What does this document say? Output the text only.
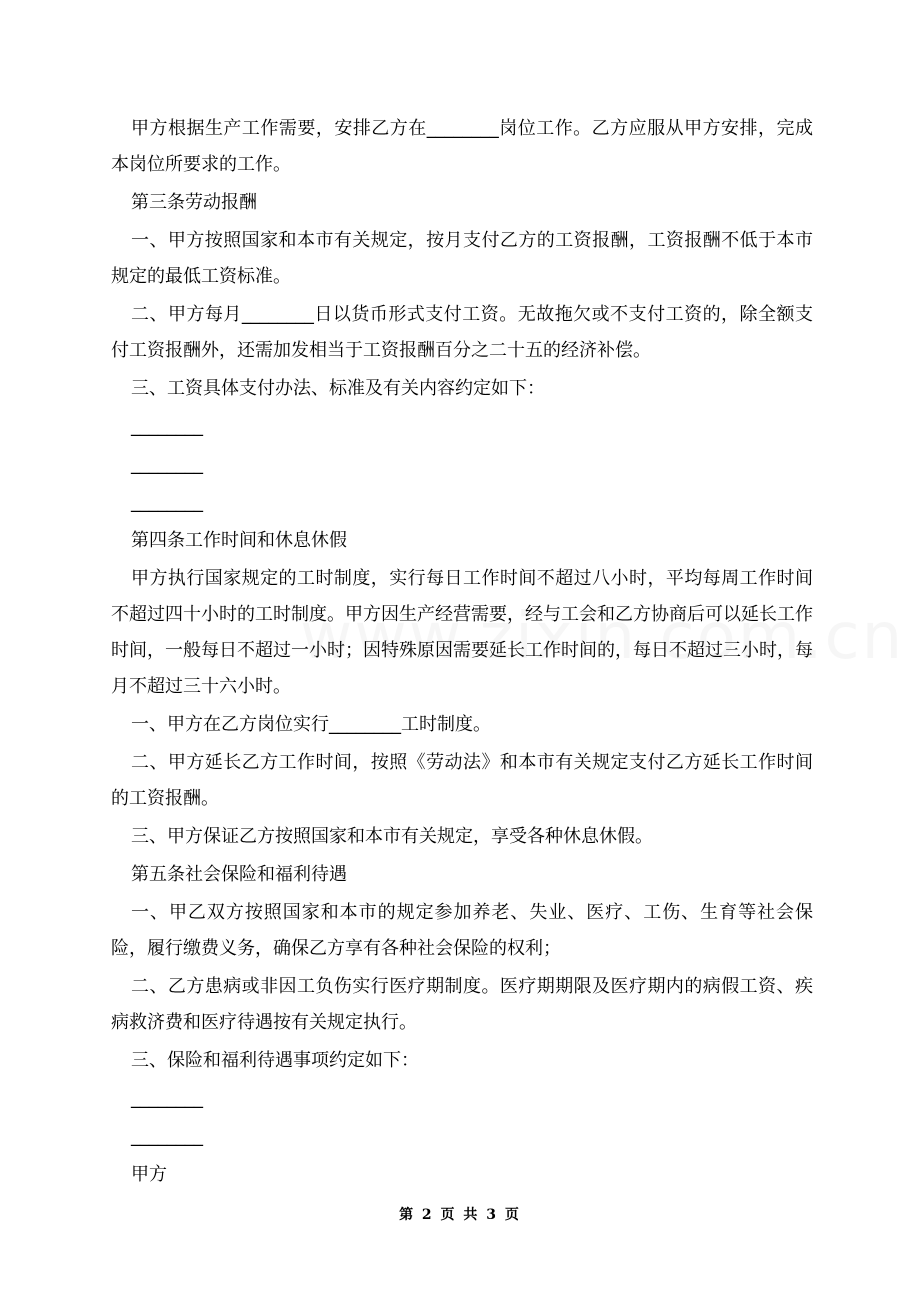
甲方根据生产工作需要，安排乙方在________岗位工作。乙方应服从甲方安排，完成本岗位所要求的工作。

第三条劳动报酬

一、甲方按照国家和本市有关规定，按月支付乙方的工资报酬，工资报酬不低于本市规定的最低工资标准。

二、甲方每月________日以货币形式支付工资。无故拖欠或不支付工资的，除全额支付工资报酬外，还需加发相当于工资报酬百分之二十五的经济补偿。

三、工资具体支付办法、标准及有关内容约定如下：

________

________

________

第四条工作时间和休息休假

甲方执行国家规定的工时制度，实行每日工作时间不超过八小时，平均每周工作时间不超过四十小时的工时制度。甲方因生产经营需要，经与工会和乙方协商后可以延长工作时间，一般每日不超过一小时；因特殊原因需要延长工作时间的，每日不超过三小时，每月不超过三十六小时。

一、甲方在乙方岗位实行________工时制度。

二、甲方延长乙方工作时间，按照《劳动法》和本市有关规定支付乙方延长工作时间的工资报酬。

三、甲方保证乙方按照国家和本市有关规定，享受各种休息休假。

第五条社会保险和福利待遇

一、甲乙双方按照国家和本市的规定参加养老、失业、医疗、工伤、生育等社会保险，履行缴费义务，确保乙方享有各种社会保险的权利；

二、乙方患病或非因工负伤实行医疗期制度。医疗期期限及医疗期内的病假工资、疾病救济费和医疗待遇按有关规定执行。

三、保险和福利待遇事项约定如下：

________

________

甲方

第 2 页 共 3 页
